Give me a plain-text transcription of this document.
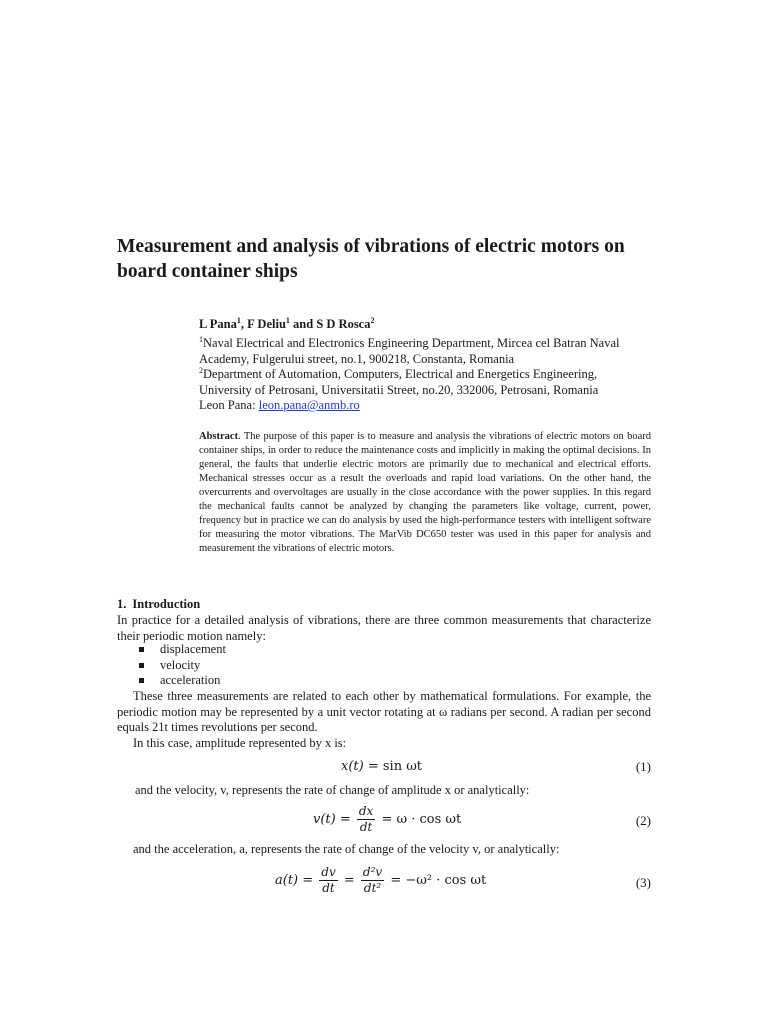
Measurement and analysis of vibrations of electric motors on board container ships
L Pana$^1$, F Deliu$^1$ and S D Rosca$^2$
$^1$Naval Electrical and Electronics Engineering Department, Mircea cel Batran Naval
Academy, Fulgerului street, no.1, 900218, Constanta, Romania
$^2$Department of Automation, Computers, Electrical and Energetics Engineering,
University of Petrosani, Universitatii Street, no.20, 332006, Petrosani, Romania
Leon Pana: leon.pana@anmb.ro
Abstract. The purpose of this paper is to measure and analysis the vibrations of electric motors on board container ships, in order to reduce the maintenance costs and implicitly in making the optimal decisions. In general, the faults that underlie electric motors are primarily due to mechanical and electrical efforts. Mechanical stresses occur as a result the overloads and rapid load variations. On the other hand, the overcurrents and overvoltages are usually in the close accordance with the power supplies. In this regard the mechanical faults cannot be analyzed by changing the parameters like voltage, current, power, frequency but in practice we can do analysis by used the high-performance testers with intelligent software for measuring the motor vibrations. The MarVib DC650 tester was used in this paper for analysis and measurement the vibrations of electric motors.
1. Introduction
In practice for a detailed analysis of vibrations, there are three common measurements that characterize their periodic motion namely:
displacement
velocity
acceleration
These three measurements are related to each other by mathematical formulations. For example, the periodic motion may be represented by a unit vector rotating at ω radians per second. A radian per second equals 21t times revolutions per second.
In this case, amplitude represented by x is:
x(t) = sin ωt	(1)
and the velocity, v, represents the rate of change of amplitude x or analytically:
$v(t) = \frac{dx}{dt} = \omega \cdot \cos \omega t$	(2)
and the acceleration, a, represents the rate of change of the velocity v, or analytically:
$a(t) = \frac{dv}{dt} = \frac{\text{d²v}}{\text{dt²}} = -\omega^2 \cdot \cos \omega t$	(3)
